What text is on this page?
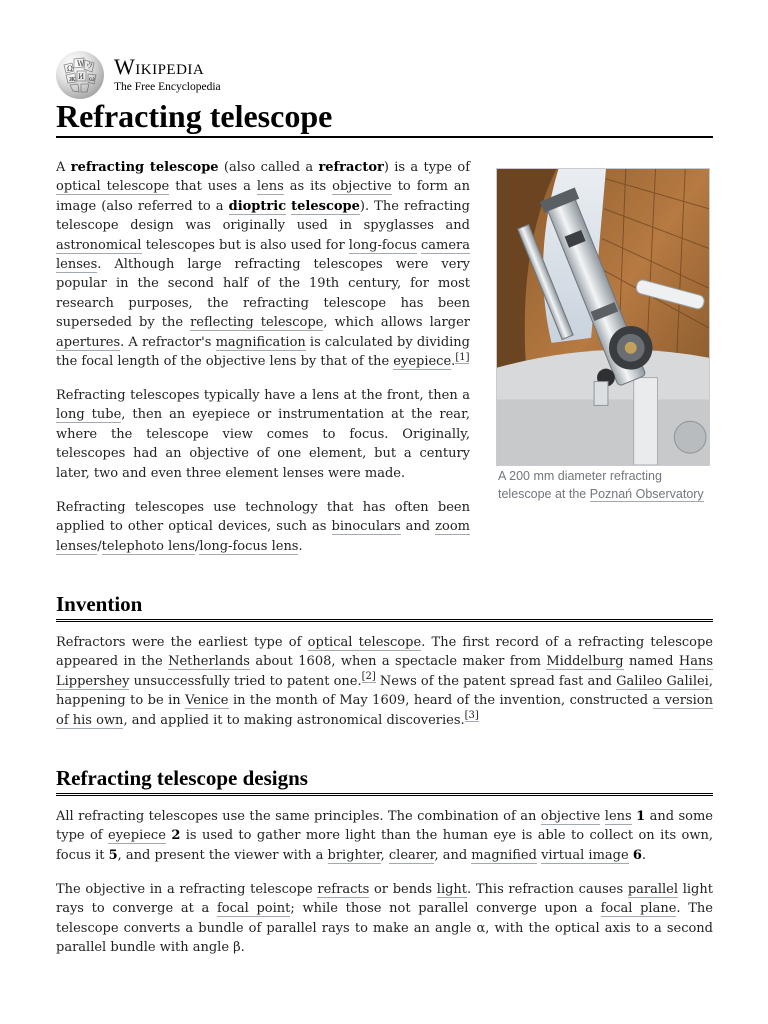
Ω
W ウ
И ω
ж Wikipedia
The Free Encyclopedia
Refracting telescope

A refracting telescope (also called a refractor) is a type of optical telescope that uses a lens as its objective to form an image (also referred to a dioptric telescope). The refracting telescope design was originally used in spyglasses and astronomical telescopes but is also used for long-focus camera lenses. Although large refracting telescopes were very popular in the second half of the 19th century, for most research purposes, the refracting telescope has been superseded by the reflecting telescope, which allows larger apertures. A refractor's magnification is calculated by dividing the focal length of the objective lens by that of the eyepiece.[1]

A 200 mm diameter refracting telescope at the Poznań Observatory

Refracting telescopes typically have a lens at the front, then a long tube, then an eyepiece or instrumentation at the rear, where the telescope view comes to focus. Originally, telescopes had an objective of one element, but a century later, two and even three element lenses were made.

Refracting telescopes use technology that has often been applied to other optical devices, such as binoculars and zoom lenses/telephoto lens/long-focus lens.

Invention

Refractors were the earliest type of optical telescope. The first record of a refracting telescope appeared in the Netherlands about 1608, when a spectacle maker from Middelburg named Hans Lippershey unsuccessfully tried to patent one.[2] News of the patent spread fast and Galileo Galilei, happening to be in Venice in the month of May 1609, heard of the invention, constructed a version of his own, and applied it to making astronomical discoveries.[3]

Refracting telescope designs

All refracting telescopes use the same principles. The combination of an objective lens 1 and some type of eyepiece 2 is used to gather more light than the human eye is able to collect on its own, focus it 5, and present the viewer with a brighter, clearer, and magnified virtual image 6.

The objective in a refracting telescope refracts or bends light. This refraction causes parallel light rays to converge at a focal point; while those not parallel converge upon a focal plane. The telescope converts a bundle of parallel rays to make an angle α, with the optical axis to a second parallel bundle with angle β.
